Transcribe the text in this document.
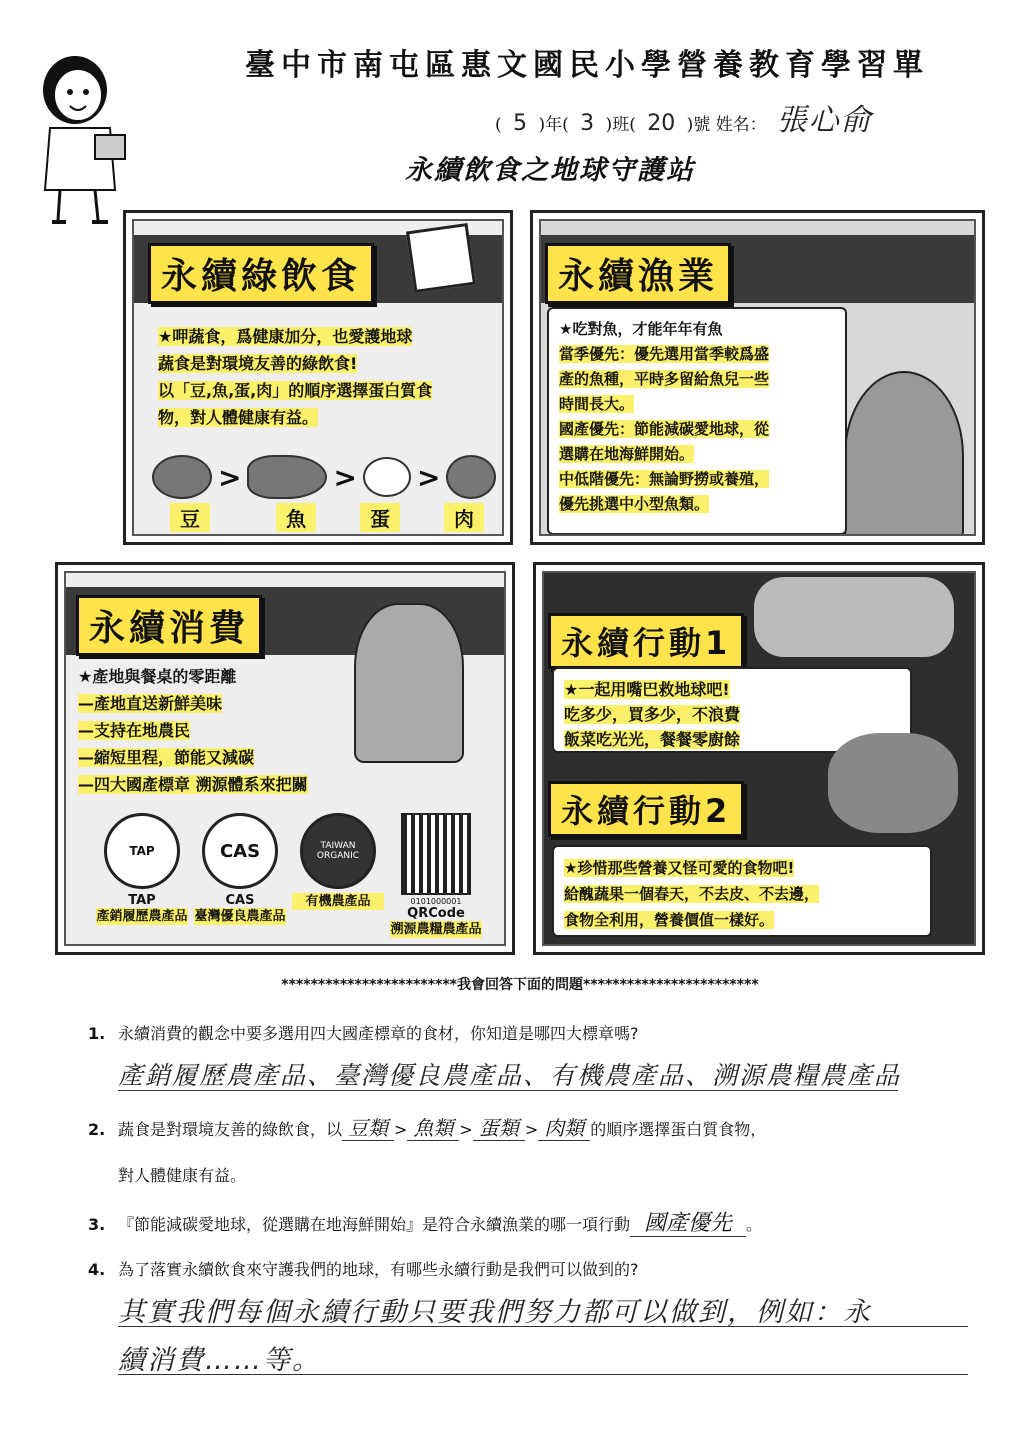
臺中市南屯區惠文國民小學營養教育學習單
( 5 )年( 3 )班( 20 )號 姓名： 張心俞
永續飲食之地球守護站
永續綠飲食
★呷蔬食，爲健康加分，也愛護地球
蔬食是對環境友善的綠飲食!
以「豆,魚,蛋,肉」的順序選擇蛋白質食
物，對人體健康有益。
>	> >
豆	魚	蛋	肉
永續漁業
★吃對魚，才能年年有魚
當季優先：優先選用當季較爲盛
產的魚種，平時多留給魚兒一些
時間長大。
國產優先：節能減碳愛地球，從
選購在地海鮮開始。
中低階優先：無論野撈或養殖，
優先挑選中小型魚類。
永續消費
★產地與餐桌的零距離
—產地直送新鮮美味
—支持在地農民
—縮短里程，節能又減碳
—四大國產標章 溯源體系來把關
TAP
TAP
產銷履歷農產品
CAS
CAS
臺灣優良農產品
TAIWAN ORGANIC
有機農產品	0101000001
QRCode
溯源農糧農產品
永續行動1
★一起用嘴巴救地球吧!
吃多少，買多少，不浪費
飯菜吃光光，餐餐零廚餘
永續行動2
★珍惜那些營養又怪可愛的食物吧!
給醜蔬果一個春天，不去皮、不去邊，
食物全利用，營養價值一樣好。
************************我會回答下面的問題************************
1. 永續消費的觀念中要多選用四大國產標章的食材，你知道是哪四大標章嗎?
產銷履歷農產品、臺灣優良農產品、有機農產品、溯源農糧農產品
2. 蔬食是對環境友善的綠飲食，以 豆類 > 魚類 > 蛋類 > 肉類 的順序選擇蛋白質食物，
對人體健康有益。
3. 『節能減碳愛地球，從選購在地海鮮開始』是符合永續漁業的哪一項行動 國產優先 。
4. 為了落實永續飲食來守護我們的地球，有哪些永續行動是我們可以做到的?
其實我們每個永續行動只要我們努力都可以做到，例如：永
續消費……等。
